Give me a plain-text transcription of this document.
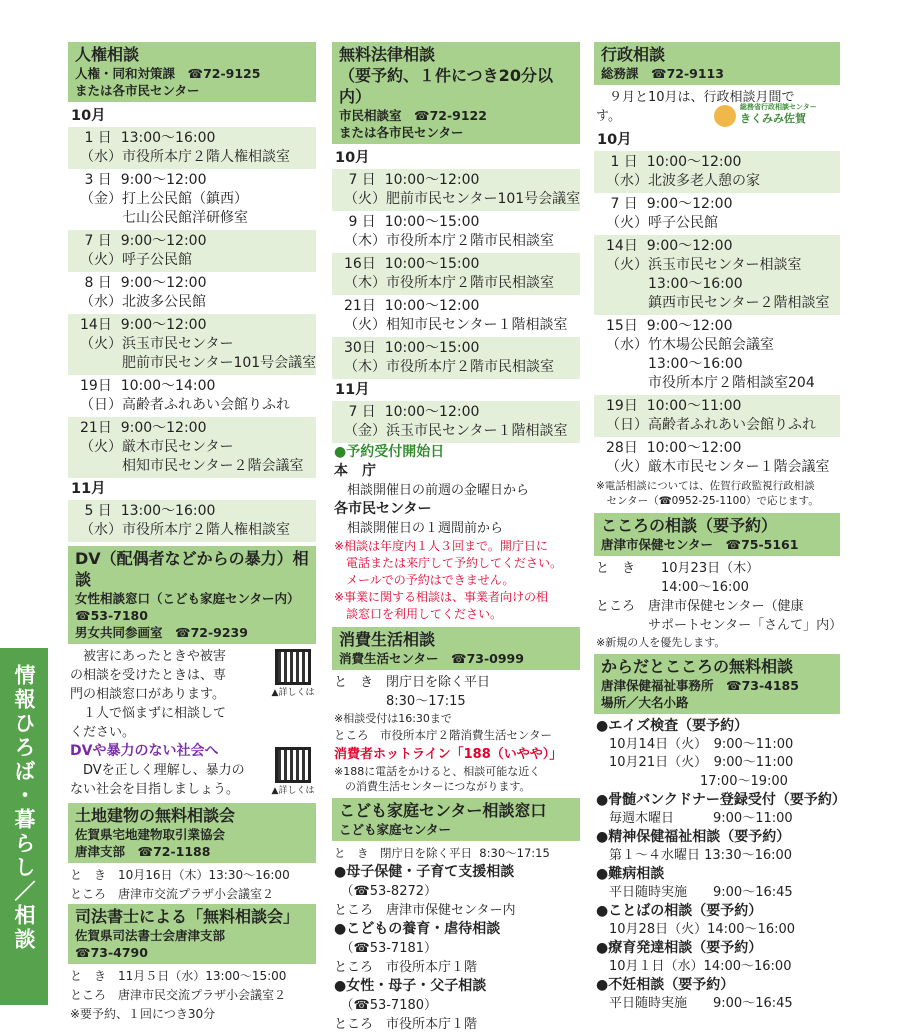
情報ひろば・暮らし／相談
人権相談
人権・同和対策課　☎72-9125
または各市民センター
10月
1 日  13:00〜16:00
（水）市役所本庁２階人権相談室
3 日  9:00〜12:00
（金）打上公民館（鎮西）
　　　七山公民館洋研修室
7 日  9:00〜12:00
（火）呼子公民館
8 日  9:00〜12:00
（水）北波多公民館
14日  9:00〜12:00
（火）浜玉市民センター
　　　肥前市民センター101号会議室
19日  10:00〜14:00
（日）高齢者ふれあい会館りふれ
21日  9:00〜12:00
（火）厳木市民センター
　　　相知市民センター２階会議室
11月
5 日  13:00〜16:00
（水）市役所本庁２階人権相談室
DV（配偶者などからの暴力）相談
女性相談窓口（こども家庭センター内）
☎53-7180
男女共同参画室　☎72-9239
▲詳しくは
　被害にあったときや被害
の相談を受けたときは、専
門の相談窓口があります。
　１人で悩まずに相談して
ください。
▲詳しくは
DVや暴力のない社会へ
　DVを正しく理解し、暴力の
ない社会を目指しましょう。
土地建物の無料相談会
佐賀県宅地建物取引業協会
唐津支部　☎72-1188
と　き　10月16日（木）13:30〜16:00
ところ　唐津市交流プラザ小会議室２
司法書士による「無料相談会」
佐賀県司法書士会唐津支部
☎73-4790
と　き　11月５日（水）13:00〜15:00
ところ　唐津市民交流プラザ小会議室２
※要予約、１回につき30分
無料法律相談
（要予約、１件につき20分以内）
市民相談室　☎72-9122
または各市民センター
10月
7 日  10:00〜12:00
（火）肥前市民センター101号会議室
9 日  10:00〜15:00
（木）市役所本庁２階市民相談室
16日  10:00〜15:00
（木）市役所本庁２階市民相談室
21日  10:00〜12:00
（火）相知市民センター１階相談室
30日  10:00〜15:00
（木）市役所本庁２階市民相談室
11月
7 日  10:00〜12:00
（金）浜玉市民センター１階相談室
●予約受付開始日
本　庁
　相談開催日の前週の金曜日から
各市民センター
　相談開催日の１週間前から
※相談は年度内１人３回まで。開庁日に
　電話または来庁して予約してください。
　メールでの予約はできません。
※事業に関する相談は、事業者向けの相
　談窓口を利用してください。
消費生活相談
消費生活センター　☎73-0999
と　き　閉庁日を除く平日
　　　　8:30〜17:15
※相談受付は16:30まで
ところ　市役所本庁２階消費生活センター
消費者ホットライン「188（いやや）」
※188に電話をかけると、相談可能な近く
　の消費生活センターにつながります。
こども家庭センター相談窓口
こども家庭センター
と　き　閉庁日を除く平日  8:30〜17:15
●母子保健・子育て支援相談
　（☎53-8272）
ところ　唐津市保健センター内
●こどもの養育・虐待相談
　（☎53-7181）
ところ　市役所本庁１階
●女性・母子・父子相談
　（☎53-7180）
ところ　市役所本庁１階
行政相談
総務課　☎72-9113
　９月と10月は、行政相談月間で
す。
総務省行政相談センター
きくみみ佐賀
10月
1 日  10:00〜12:00
（水）北波多老人憩の家
7 日  9:00〜12:00
（火）呼子公民館
14日  9:00〜12:00
（火）浜玉市民センター相談室
　　　13:00〜16:00
　　　鎮西市民センター２階相談室
15日  9:00〜12:00
（水）竹木場公民館会議室
　　　13:00〜16:00
　　　市役所本庁２階相談室204
19日  10:00〜11:00
（日）高齢者ふれあい会館りふれ
28日  10:00〜12:00
（火）厳木市民センター１階会議室
※電話相談については、佐賀行政監視行政相談
　センター（☎0952-25-1100）で応じます。
こころの相談（要予約）
唐津市保健センター　☎75-5161
と　き　　10月23日（木）
　　　　　14:00〜16:00
ところ　唐津市保健センター（健康
　　　　サポートセンター「さんて」内）
※新規の人を優先します。
からだとこころの無料相談
唐津保健福祉事務所　☎73-4185
場所／大名小路
●エイズ検査（要予約）
　10月14日（火）　9:00〜11:00
　10月21日（火）　9:00〜11:00
　　　　　　　　17:00〜19:00
●骨髄バンクドナー登録受付（要予約）
　毎週木曜日　　　9:00〜11:00
●精神保健福祉相談（要予約）
　第１〜４水曜日 13:30〜16:00
●難病相談
　平日随時実施　　9:00〜16:45
●ことばの相談（要予約）
　10月28日（火）14:00〜16:00
●療育発達相談（要予約）
　10月１日（水）14:00〜16:00
●不妊相談（要予約）
　平日随時実施　　9:00〜16:45
